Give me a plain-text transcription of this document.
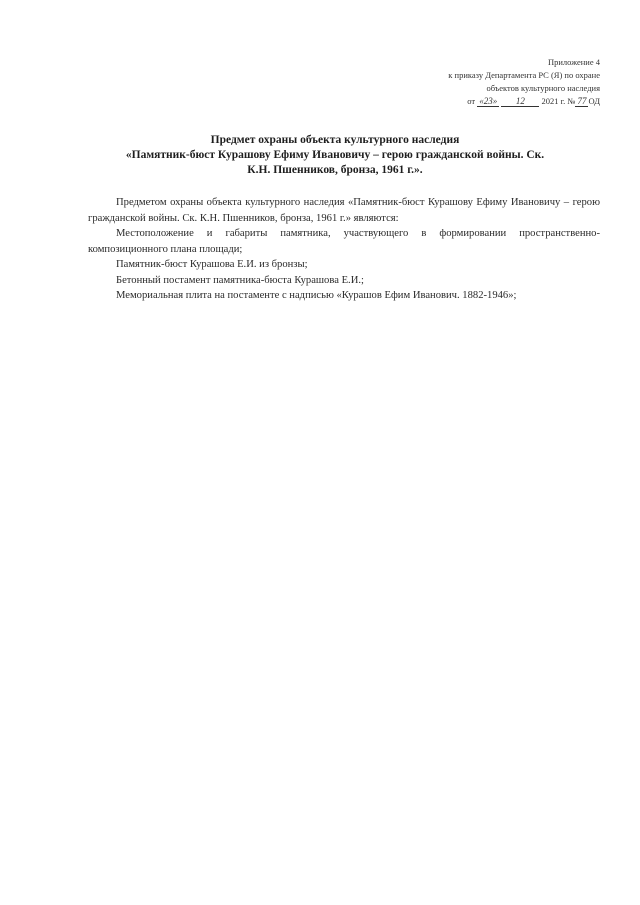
Приложение 4
к приказу Департамента РС (Я) по охране
объектов культурного наследия
от «23» 12 2021 г. № 77 ОД
Предмет охраны объекта культурного наследия
«Памятник-бюст Курашову Ефиму Ивановичу – герою гражданской войны. Ск.
К.Н. Пшенников, бронза, 1961 г.».

Предметом охраны объекта культурного наследия «Памятник-бюст Курашову Ефиму Ивановичу – герою гражданской войны. Ск. К.Н. Пшенников, бронза, 1961 г.» являются:

Местоположение и габариты памятника, участвующего в формировании пространственно-композиционного плана площади;

Памятник-бюст Курашова Е.И. из бронзы;

Бетонный постамент памятника-бюста Курашова Е.И.;

Мемориальная плита на постаменте с надписью «Курашов Ефим Иванович. 1882-1946»;
